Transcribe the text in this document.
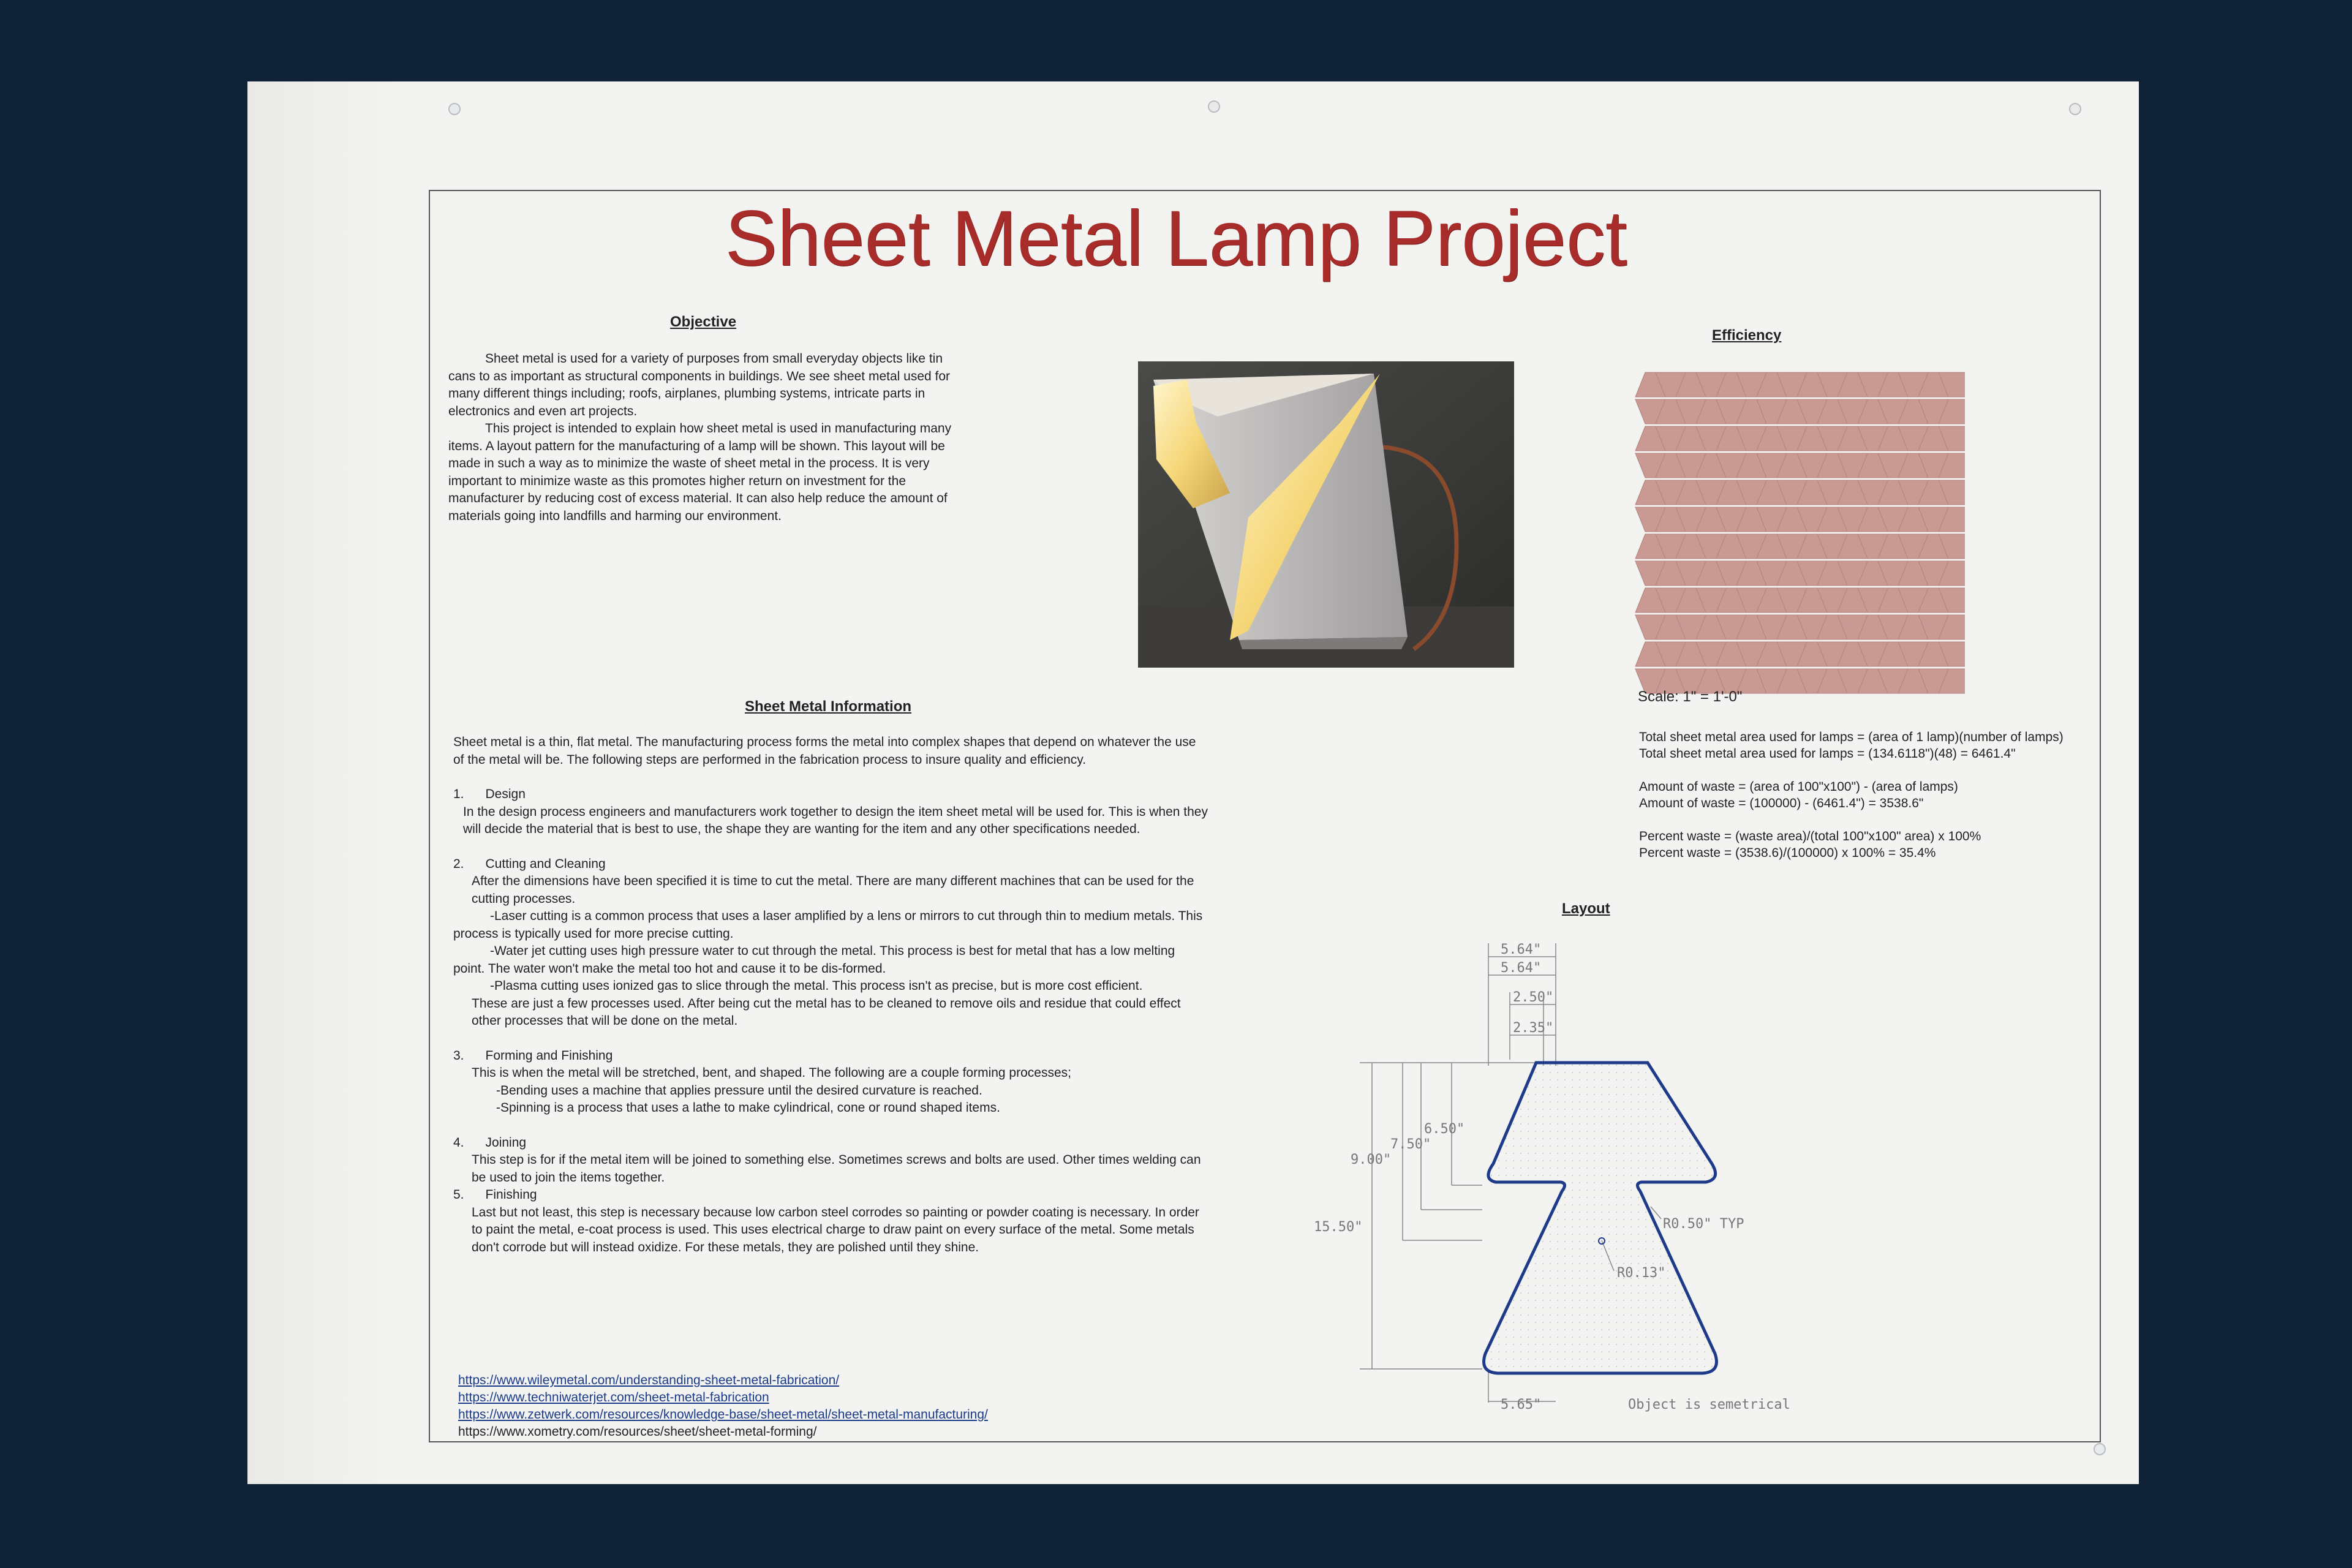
Sheet Metal Lamp Project
Objective

Sheet metal is used for a variety of purposes from small everyday objects like tin cans to as important as structural components in buildings. We see sheet metal used for many different things including; roofs, airplanes, plumbing systems, intricate parts in electronics and even art projects.

This project is intended to explain how sheet metal is used in manufacturing many items. A layout pattern for the manufacturing of a lamp will be shown. This layout will be made in such a way as to minimize the waste of sheet metal in the process. It is very important to minimize waste as this promotes higher return on investment for the manufacturer by reducing cost of excess material. It can also help reduce the amount of materials going into landfills and harming our environment.

Sheet Metal Information

Sheet metal is a thin, flat metal. The manufacturing process forms the metal into complex shapes that depend on whatever the use of the metal will be. The following steps are performed in the fabrication process to insure quality and efficiency.

1.      Design

In the design process engineers and manufacturers work together to design the item sheet metal will be used for. This is when they will decide the material that is best to use, the shape they are wanting for the item and any other specifications needed.

2.      Cutting and Cleaning

After the dimensions have been specified it is time to cut the metal. There are many different machines that can be used for the cutting processes.

-Laser cutting is a common process that uses a laser amplified by a lens or mirrors to cut through thin to medium metals. This process is typically used for more precise cutting.

-Water jet cutting uses high pressure water to cut through the metal. This process is best for metal that has a low melting point. The water won't make the metal too hot and cause it to be dis-formed.

-Plasma cutting uses ionized gas to slice through the metal. This process isn't as precise, but is more cost efficient.

These are just a few processes used. After being cut the metal has to be cleaned to remove oils and residue that could effect other processes that will be done on the metal.

3.      Forming and Finishing

This is when the metal will be stretched, bent, and shaped. The following are a couple forming processes;

-Bending uses a machine that applies pressure until the desired curvature is reached.

-Spinning is a process that uses a lathe to make cylindrical, cone or round shaped items.

4.      Joining

This step is for if the metal item will be joined to something else. Sometimes screws and bolts are used. Other times welding can be used to join the items together.

5.      Finishing

Last but not least, this step is necessary because low carbon steel corrodes so painting or powder coating is necessary. In order to paint the metal, e-coat process is used. This uses electrical charge to draw paint on every surface of the metal. Some metals don't corrode but will instead oxidize. For these metals, they are polished until they shine.

https://www.wileymetal.com/understanding-sheet-metal-fabrication/
https://www.techniwaterjet.com/sheet-metal-fabrication
https://www.zetwerk.com/resources/knowledge-base/sheet-metal/sheet-metal-manufacturing/
https://www.xometry.com/resources/sheet/sheet-metal-forming/
Efficiency
Scale: 1" = 1'-0"
Total sheet metal area used for lamps = (area of 1 lamp)(number of lamps)
Total sheet metal area used for lamps = (134.6118")(48) = 6461.4"
Amount of waste = (area of 100"x100") - (area of lamps)
Amount of waste = (100000) - (6461.4") = 3538.6"
Percent waste = (waste area)/(total 100"x100" area) x 100%
Percent waste = (3538.6)/(100000) x 100% = 35.4%
Layout
5.64"
5.64"
2.50"
2.35"
6.50"
7.50"
9.00"
15.50"	R0.50" TYP
R0.13"
5.65"	Object is semetrical
